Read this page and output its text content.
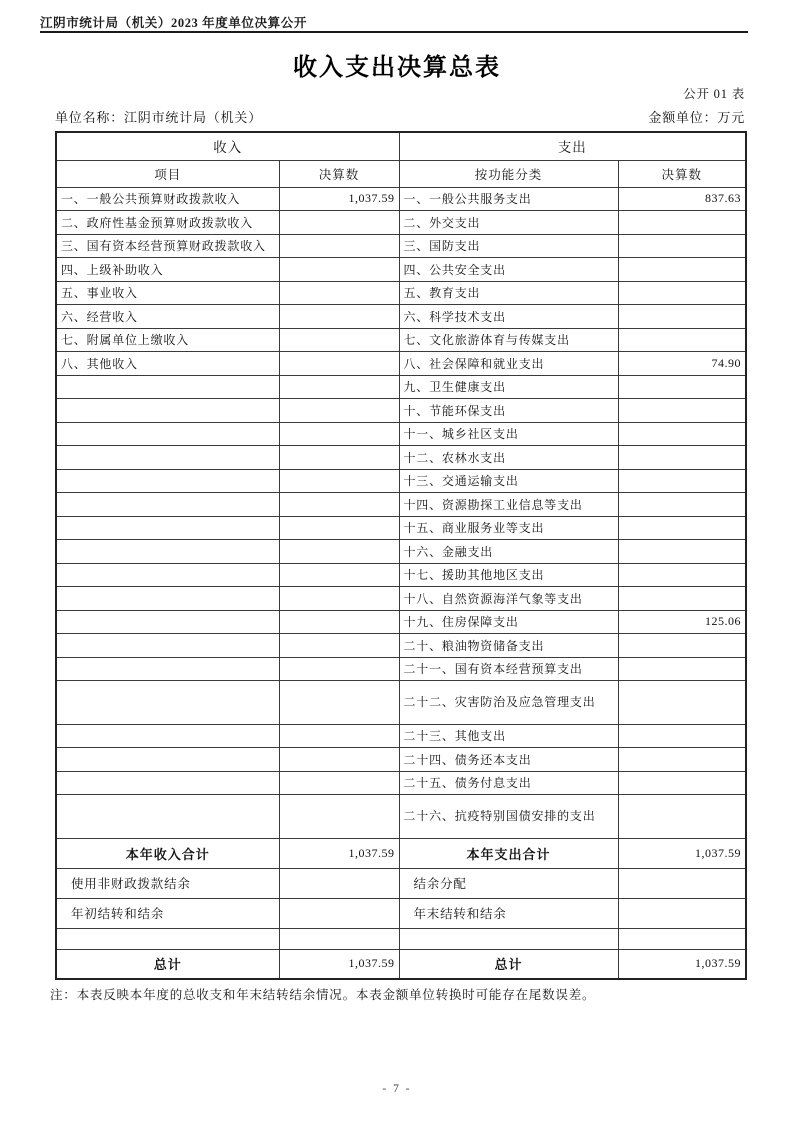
江阴市统计局（机关）2023 年度单位决算公开
收入支出决算总表
公开 01 表
单位名称：江阴市统计局（机关）	金额单位：万元
收入		支出	
项目	决算数	按功能分类	决算数
一、一般公共预算财政拨款收入	1,037.59	一、一般公共服务支出	837.63
二、政府性基金预算财政拨款收入		二、外交支出	
三、国有资本经营预算财政拨款收入		三、国防支出	
四、上级补助收入		四、公共安全支出	
五、事业收入		五、教育支出	
六、经营收入		六、科学技术支出	
七、附属单位上缴收入		七、文化旅游体育与传媒支出	
八、其他收入		八、社会保障和就业支出	74.90
		九、卫生健康支出	
		十、节能环保支出	
		十一、城乡社区支出	
		十二、农林水支出	
		十三、交通运输支出	
		十四、资源勘探工业信息等支出	
		十五、商业服务业等支出	
		十六、金融支出	
		十七、援助其他地区支出	
		十八、自然资源海洋气象等支出	
		十九、住房保障支出	125.06
		二十、粮油物资储备支出	
		二十一、国有资本经营预算支出	
		二十二、灾害防治及应急管理支出	
		二十三、其他支出	
		二十四、债务还本支出	
		二十五、债务付息支出	
		二十六、抗疫特别国债安排的支出	
本年收入合计	1,037.59	本年支出合计	1,037.59
使用非财政拨款结余		结余分配	
年初结转和结余		年末结转和结余	

总计	1,037.59	总计	1,037.59
注：本表反映本年度的总收支和年末结转结余情况。本表金额单位转换时可能存在尾数误差。
- 7 -
